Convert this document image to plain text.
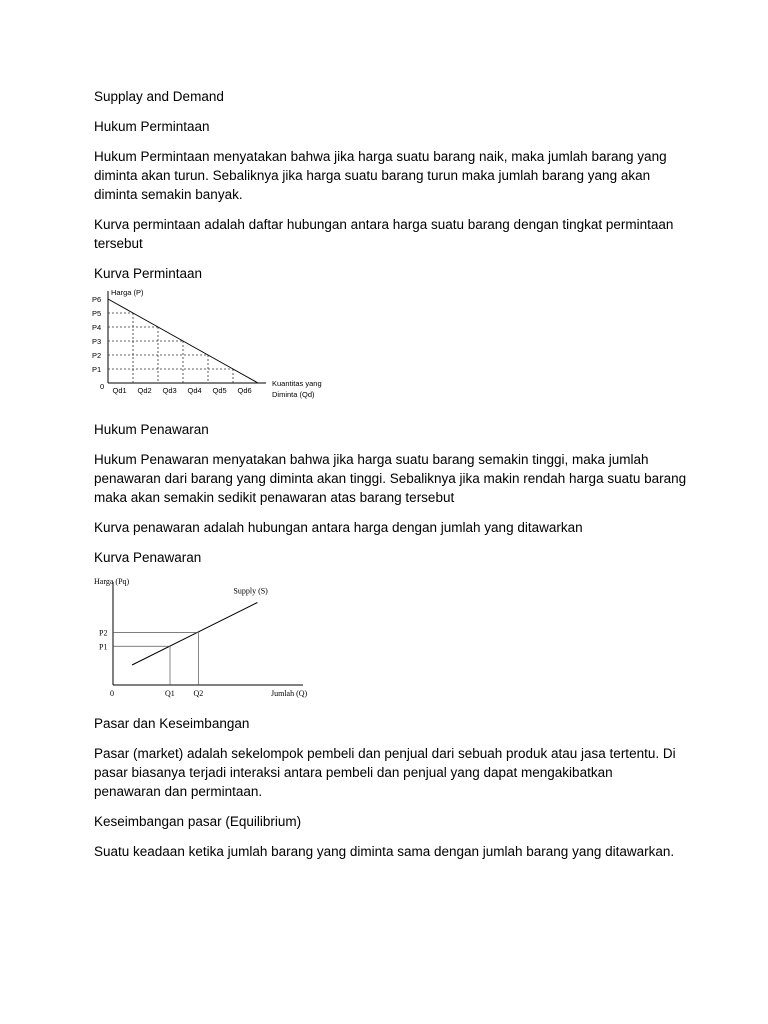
Supplay and Demand

Hukum Permintaan

Hukum Permintaan menyatakan bahwa jika harga suatu barang naik, maka jumlah barang yang

diminta akan turun. Sebaliknya jika harga suatu barang turun maka jumlah barang yang akan

diminta semakin banyak.

Kurva permintaan adalah daftar hubungan antara harga suatu barang dengan tingkat permintaan

tersebut

Kurva Permintaan

Harga (P)
Kuantitas yang
Diminta (Qd)
0
P1
P2
P3
P4
P5
P6
Qd1 Qd2 Qd3 Qd4 Qd5 Qd6

Hukum Penawaran

Hukum Penawaran menyatakan bahwa jika harga suatu barang semakin tinggi, maka jumlah

penawaran dari barang yang diminta akan tinggi. Sebaliknya jika makin rendah harga suatu barang

maka akan semakin sedikit penawaran atas barang tersebut

Kurva penawaran adalah hubungan antara harga dengan jumlah yang ditawarkan

Kurva Penawaran

Harga (Pq)
Jumlah (Q)
0
Supply (S)
P1
Q1
P2
Q2

Pasar dan Keseimbangan

Pasar (market) adalah sekelompok pembeli dan penjual dari sebuah produk atau jasa tertentu. Di

pasar biasanya terjadi interaksi antara pembeli dan penjual yang dapat mengakibatkan

penawaran dan permintaan.

Keseimbangan pasar (Equilibrium)

Suatu keadaan ketika jumlah barang yang diminta sama dengan jumlah barang yang ditawarkan.
